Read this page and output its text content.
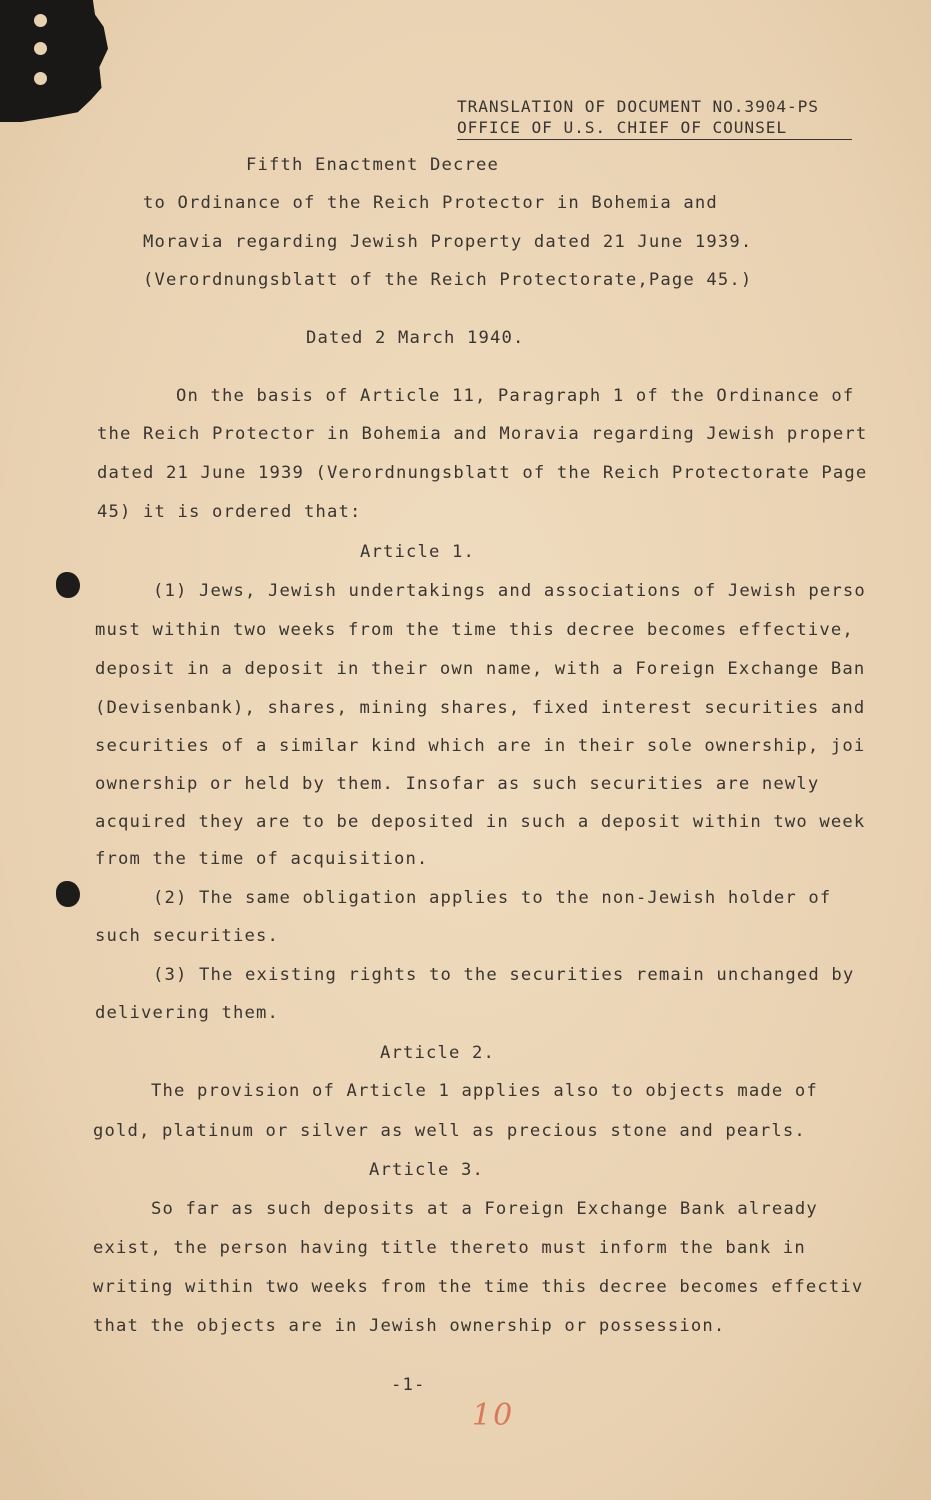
TRANSLATION OF DOCUMENT NO.3904-PS
OFFICE OF U.S. CHIEF OF COUNSEL
Fifth Enactment Decree
to Ordinance of the Reich Protector in Bohemia and
Moravia regarding Jewish Property dated 21 June 1939.
(Verordnungsblatt of the Reich Protectorate,Page 45.)
Dated 2 March 1940.
On the basis of Article 11, Paragraph 1 of the Ordinance of
the Reich Protector in Bohemia and Moravia regarding Jewish propert
dated 21 June 1939 (Verordnungsblatt of the Reich Protectorate Page
45) it is ordered that:
Article 1.
(1) Jews, Jewish undertakings and associations of Jewish perso
must within two weeks from the time this decree becomes effective,
deposit in a deposit in their own name, with a Foreign Exchange Ban
(Devisenbank), shares, mining shares, fixed interest securities and
securities of a similar kind which are in their sole ownership, joi
ownership or held by them. Insofar as such securities are newly
acquired they are to be deposited in such a deposit within two week
from the time of acquisition.
(2) The same obligation applies to the non-Jewish holder of
such securities.
(3) The existing rights to the securities remain unchanged by
delivering them.
Article 2.
The provision of Article 1 applies also to objects made of
gold, platinum or silver as well as precious stone and pearls.
Article 3.
So far as such deposits at a Foreign Exchange Bank already
exist, the person having title thereto must inform the bank in
writing within two weeks from the time this decree becomes effectiv
that the objects are in Jewish ownership or possession.
-1-
10
